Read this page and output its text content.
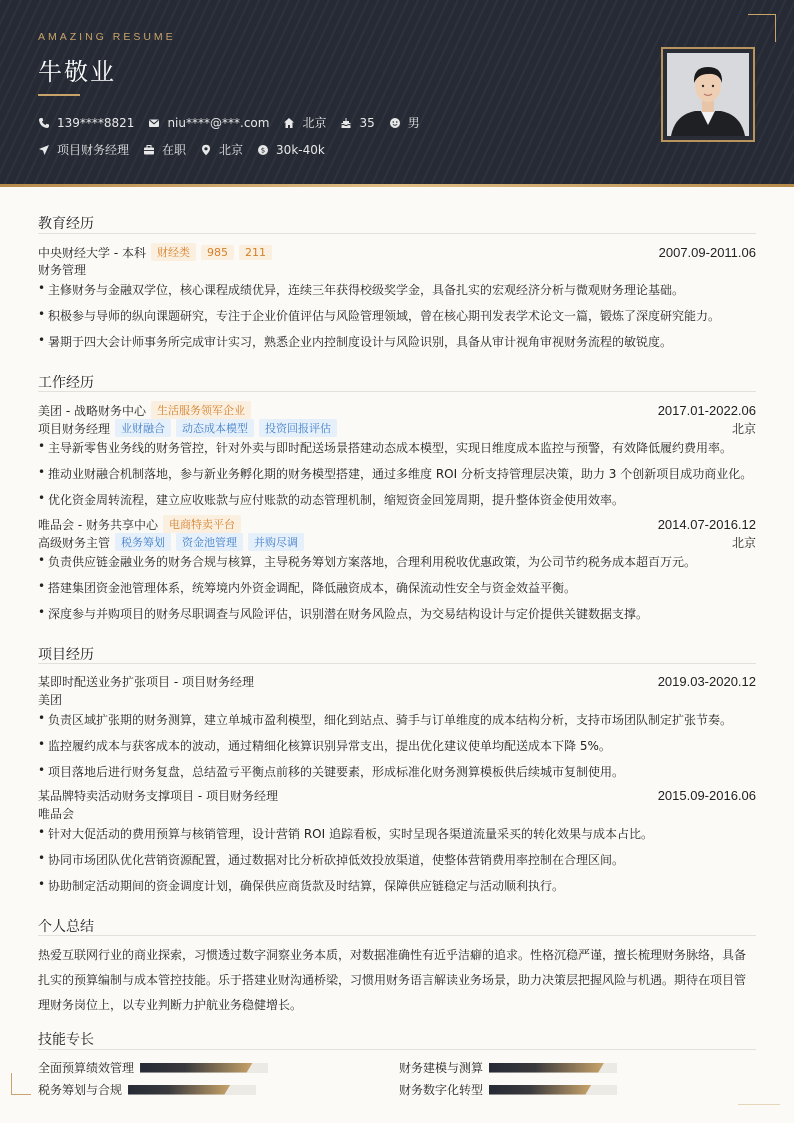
AMAZING RESUME
牛敬业
139****8821	niu****@***.com	北京	35	男
项目财务经理	在职	北京	$ 30k-40k
教育经历
中央财经大学 - 本科	财经类	985	211	2007.09-2011.06
财务管理
• 主修财务与金融双学位，核心课程成绩优异，连续三年获得校级奖学金，具备扎实的宏观经济分析与微观财务理论基础。
• 积极参与导师的纵向课题研究，专注于企业价值评估与风险管理领域，曾在核心期刊发表学术论文一篇，锻炼了深度研究能力。
• 暑期于四大会计师事务所完成审计实习，熟悉企业内控制度设计与风险识别，具备从审计视角审视财务流程的敏锐度。
工作经历
美团 - 战略财务中心	生活服务领军企业	2017.01-2022.06
项目财务经理	业财融合	动态成本模型	投资回报评估	北京
• 主导新零售业务线的财务管控，针对外卖与即时配送场景搭建动态成本模型，实现日维度成本监控与预警，有效降低履约费用率。
• 推动业财融合机制落地，参与新业务孵化期的财务模型搭建，通过多维度 ROI 分析支持管理层决策，助力 3 个创新项目成功商业化。
• 优化资金周转流程，建立应收账款与应付账款的动态管理机制，缩短资金回笼周期，提升整体资金使用效率。
唯品会 - 财务共享中心	电商特卖平台	2014.07-2016.12
高级财务主管	税务筹划	资金池管理	并购尽调	北京
• 负责供应链金融业务的财务合规与核算，主导税务筹划方案落地，合理利用税收优惠政策，为公司节约税务成本超百万元。
• 搭建集团资金池管理体系，统筹境内外资金调配，降低融资成本，确保流动性安全与资金效益平衡。
• 深度参与并购项目的财务尽职调查与风险评估，识别潜在财务风险点，为交易结构设计与定价提供关键数据支撑。
项目经历
某即时配送业务扩张项目 - 项目财务经理	2019.03-2020.12
美团
• 负责区域扩张期的财务测算，建立单城市盈利模型，细化到站点、骑手与订单维度的成本结构分析，支持市场团队制定扩张节奏。
• 监控履约成本与获客成本的波动，通过精细化核算识别异常支出，提出优化建议使单均配送成本下降 5%。
• 项目落地后进行财务复盘，总结盈亏平衡点前移的关键要素，形成标准化财务测算模板供后续城市复制使用。
某品牌特卖活动财务支撑项目 - 项目财务经理	2015.09-2016.06
唯品会
• 针对大促活动的费用预算与核销管理，设计营销 ROI 追踪看板，实时呈现各渠道流量采买的转化效果与成本占比。
• 协同市场团队优化营销资源配置，通过数据对比分析砍掉低效投放渠道，使整体营销费用率控制在合理区间。
• 协助制定活动期间的资金调度计划，确保供应商货款及时结算，保障供应链稳定与活动顺利执行。
个人总结
热爱互联网行业的商业探索，习惯透过数字洞察业务本质，对数据准确性有近乎洁癖的追求。性格沉稳严谨，擅长梳理财务脉络，具备
扎实的预算编制与成本管控技能。乐于搭建业财沟通桥梁，习惯用财务语言解读业务场景，助力决策层把握风险与机遇。期待在项目管
理财务岗位上，以专业判断力护航业务稳健增长。
技能专长
全面预算绩效管理	财务建模与测算
税务筹划与合规	财务数字化转型
